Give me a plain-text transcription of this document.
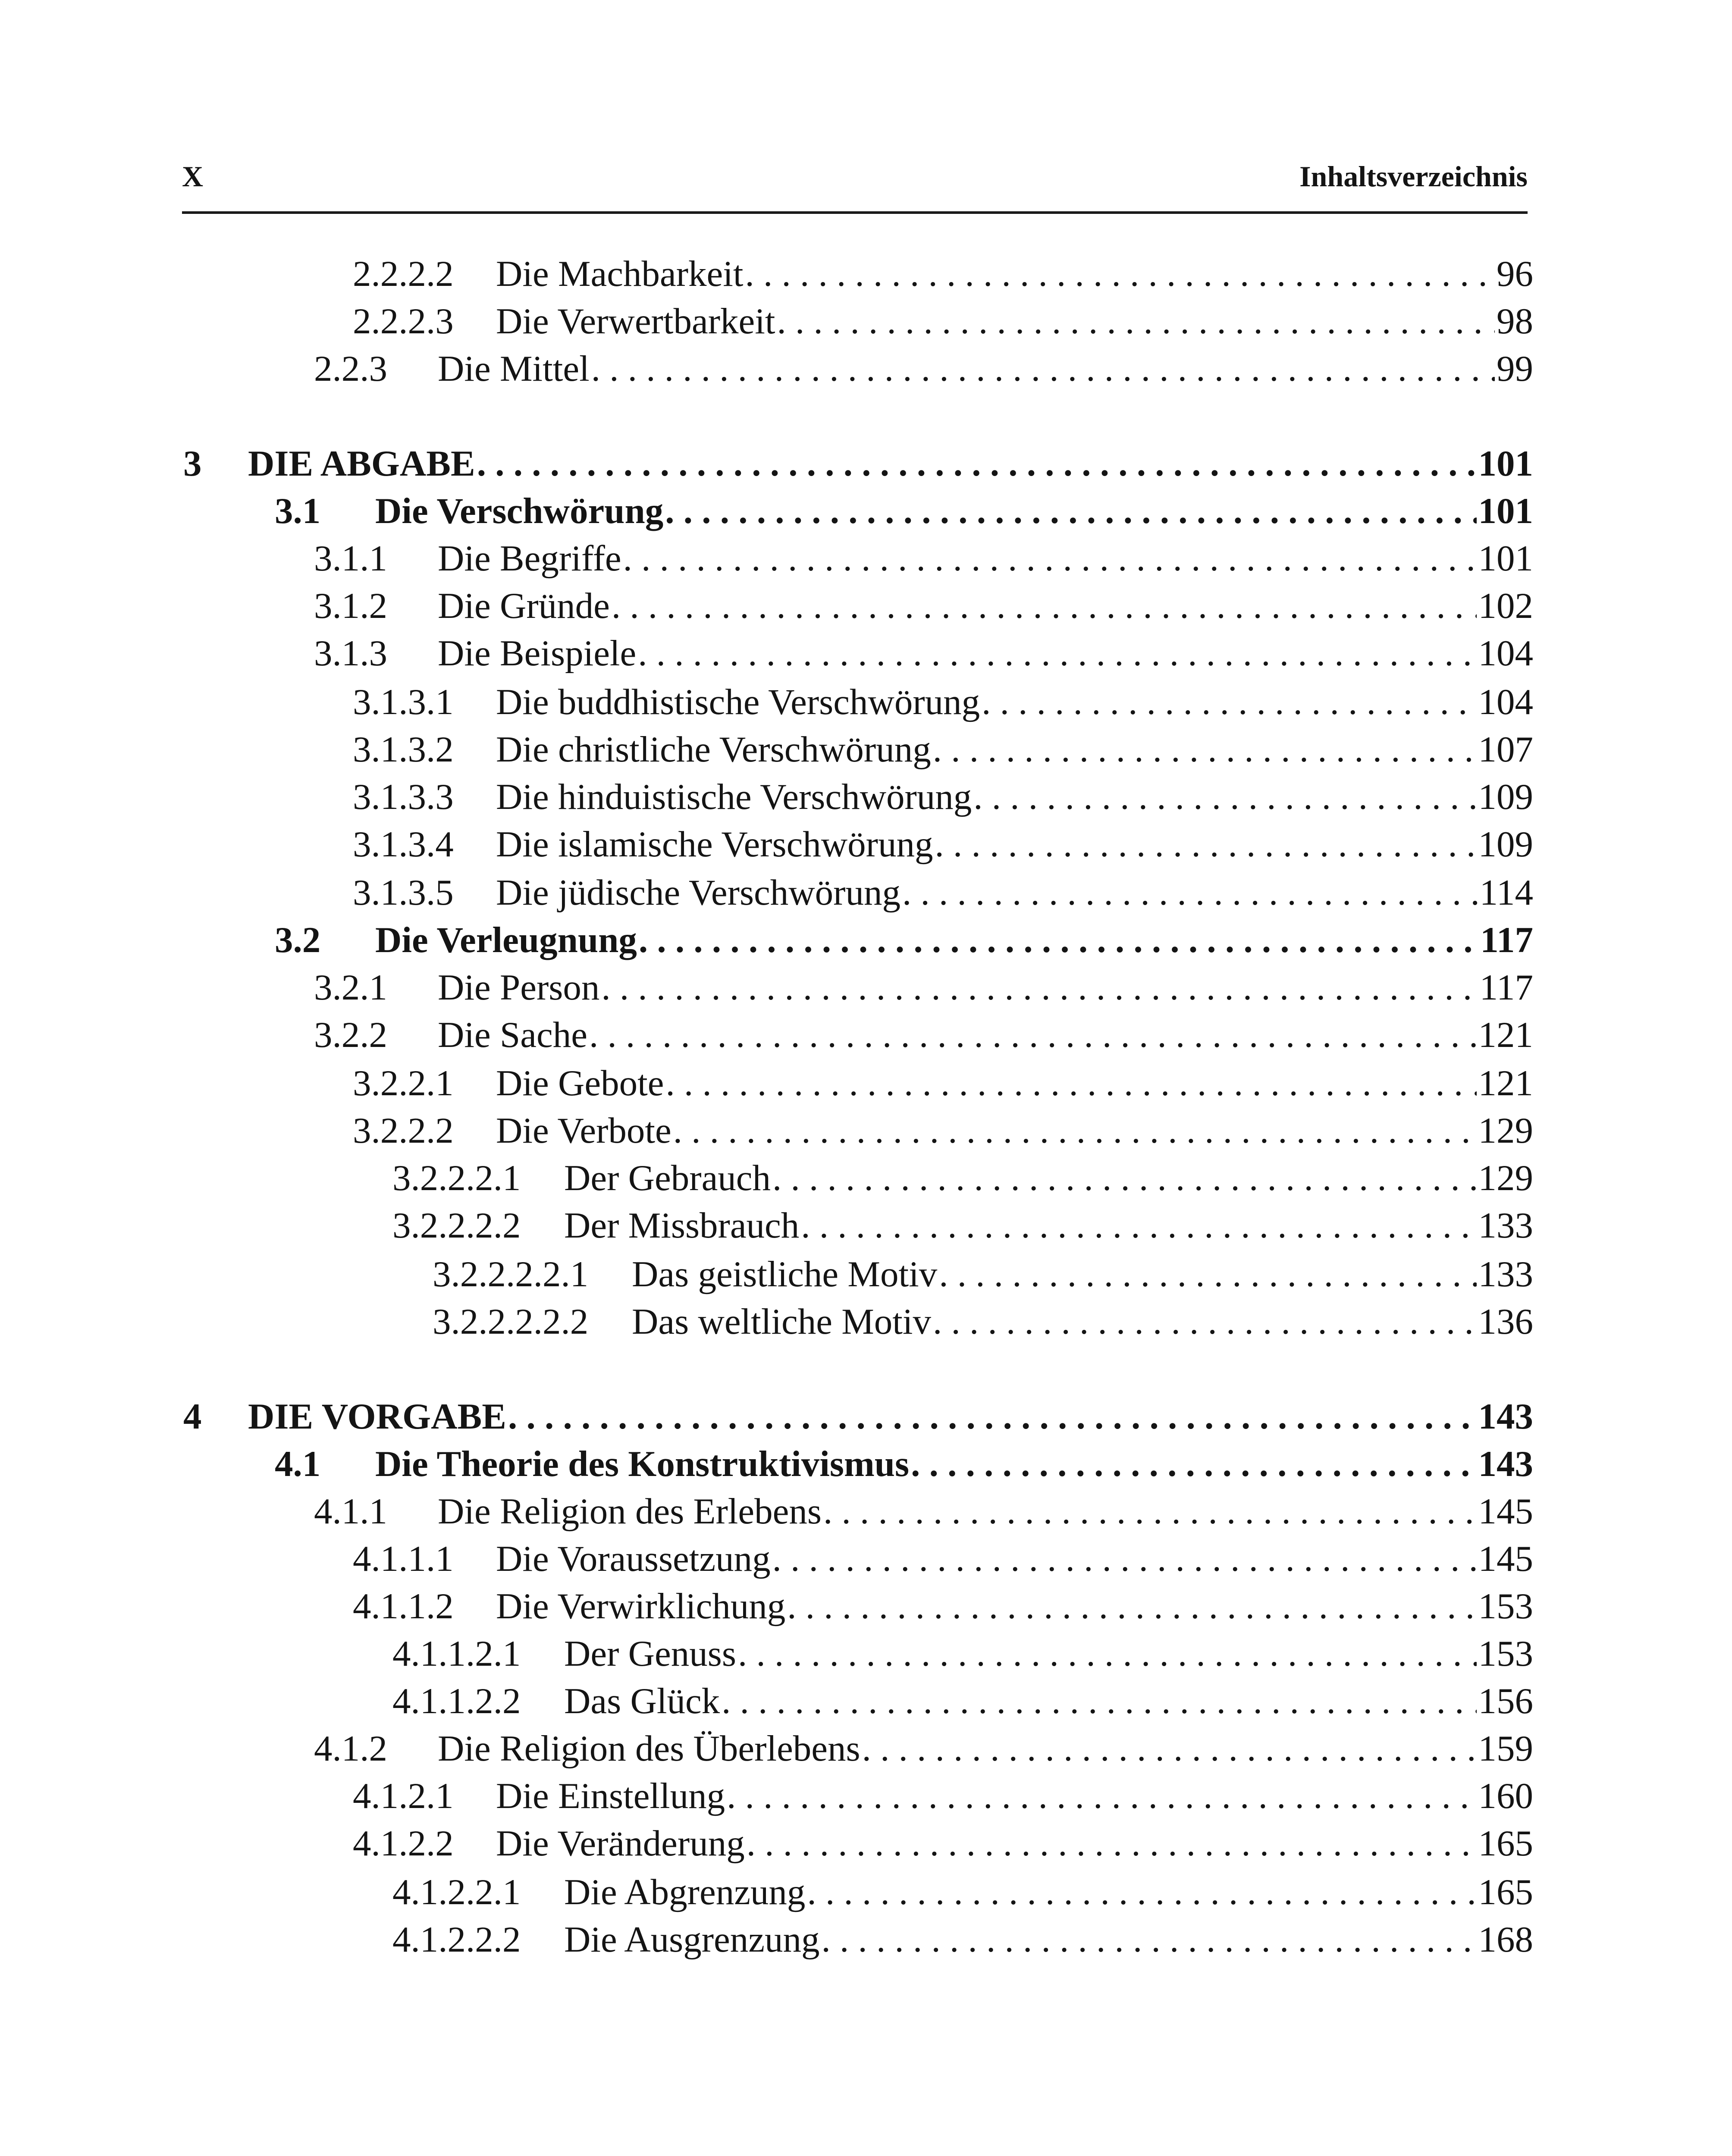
X	Inhaltsverzeichnis
2.2.2.2	Die Machbarkeit . . .	96
2.2.2.3	Die Verwertbarkeit . . .	98
2.2.3	Die Mittel . . .	99
3	DIE ABGABE . . .	101
3.1	Die Verschwörung . . .	101
3.1.1	Die Begriffe . . .	101
3.1.2	Die Gründe . . .	102
3.1.3	Die Beispiele . . .	104
3.1.3.1	Die buddhistische Verschwörung . . .	104
3.1.3.2	Die christliche Verschwörung . . .	107
3.1.3.3	Die hinduistische Verschwörung . . .	109
3.1.3.4	Die islamische Verschwörung . . .	109
3.1.3.5	Die jüdische Verschwörung . . .	114
3.2	Die Verleugnung . . .	117
3.2.1	Die Person . . .	117
3.2.2	Die Sache . . .	121
3.2.2.1	Die Gebote . . .	121
3.2.2.2	Die Verbote . . .	129
3.2.2.2.1	Der Gebrauch . . .	129
3.2.2.2.2	Der Missbrauch . . .	133
3.2.2.2.2.1	Das geistliche Motiv . . .	133
3.2.2.2.2.2	Das weltliche Motiv . . .	136
4	DIE VORGABE . . .	143
4.1	Die Theorie des Konstruktivismus . . .	143
4.1.1	Die Religion des Erlebens . . .	145
4.1.1.1	Die Voraussetzung . . .	145
4.1.1.2	Die Verwirklichung . . .	153
4.1.1.2.1	Der Genuss . . .	153
4.1.1.2.2	Das Glück . . .	156
4.1.2	Die Religion des Überlebens . . .	159
4.1.2.1	Die Einstellung . . .	160
4.1.2.2	Die Veränderung . . .	165
4.1.2.2.1	Die Abgrenzung . . .	165
4.1.2.2.2	Die Ausgrenzung . . .	168
